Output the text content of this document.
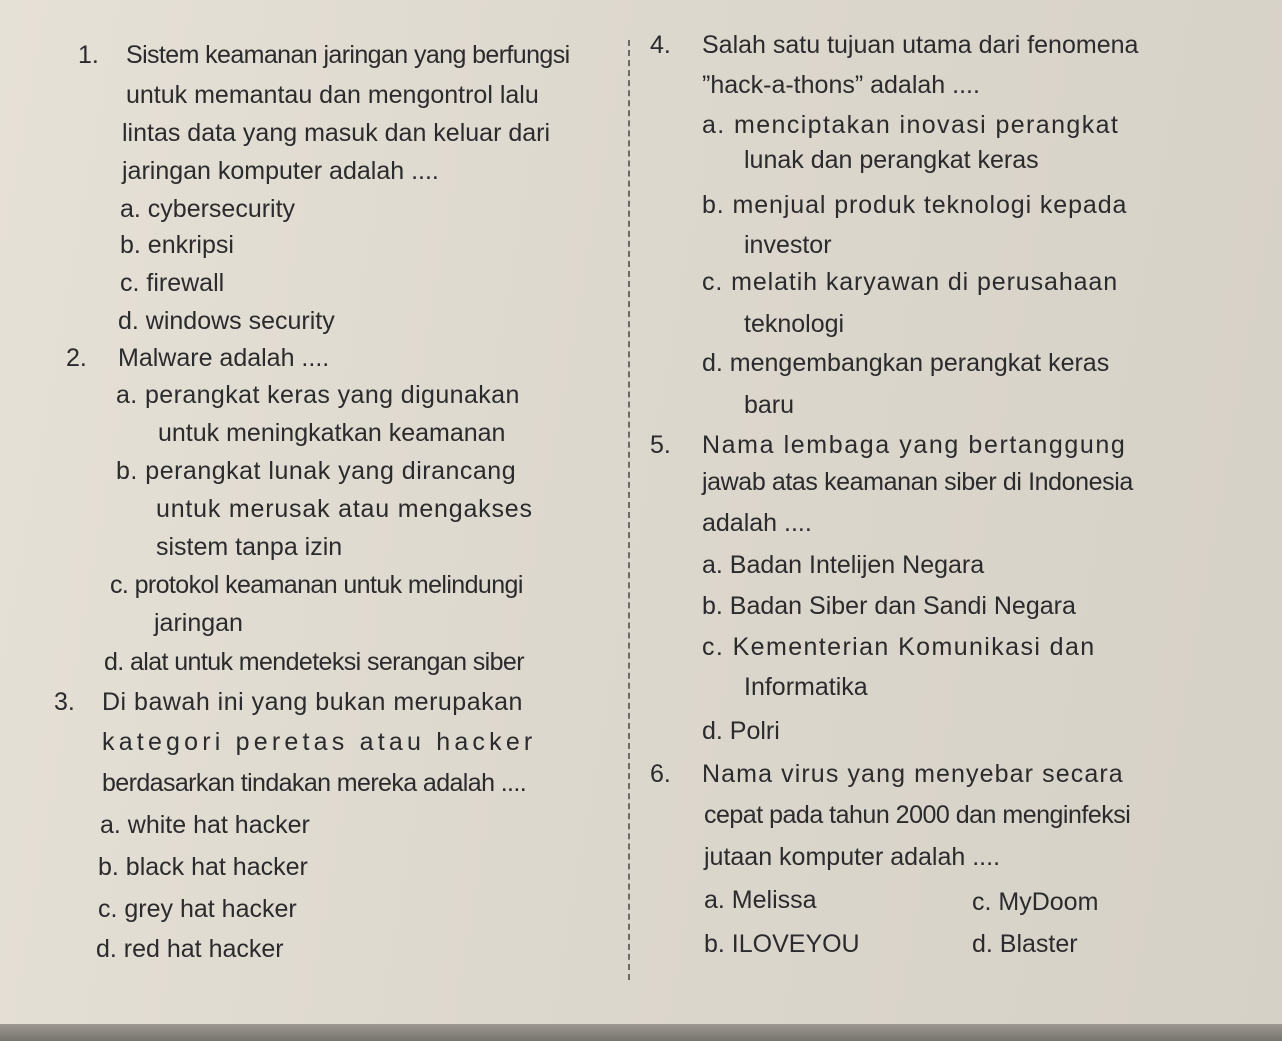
1. Sistem keamanan jaringan yang berfungsi
untuk memantau dan mengontrol lalu
lintas data yang masuk dan keluar dari
jaringan komputer adalah ....
a. cybersecurity
b. enkripsi
c. firewall
d. windows security
2. Malware adalah ....
a. perangkat keras yang digunakan
untuk meningkatkan keamanan
b. perangkat lunak yang dirancang
untuk merusak atau mengakses
sistem tanpa izin
c. protokol keamanan untuk melindungi
jaringan
d. alat untuk mendeteksi serangan siber
3. Di bawah ini yang bukan merupakan
kategori peretas atau hacker
berdasarkan tindakan mereka adalah ....
a. white hat hacker
b. black hat hacker
c. grey hat hacker
d. red hat hacker
4. Salah satu tujuan utama dari fenomena
”hack-a-thons” adalah ....
a. menciptakan inovasi perangkat
lunak dan perangkat keras
b. menjual produk teknologi kepada
investor
c. melatih karyawan di perusahaan
teknologi
d. mengembangkan perangkat keras
baru
5. Nama lembaga yang bertanggung
jawab atas keamanan siber di Indonesia
adalah ....
a. Badan Intelijen Negara
b. Badan Siber dan Sandi Negara
c. Kementerian Komunikasi dan
Informatika
d. Polri
6. Nama virus yang menyebar secara
cepat pada tahun 2000 dan menginfeksi
jutaan komputer adalah ....
a. Melissa	c. MyDoom
b. ILOVEYOU	d. Blaster
